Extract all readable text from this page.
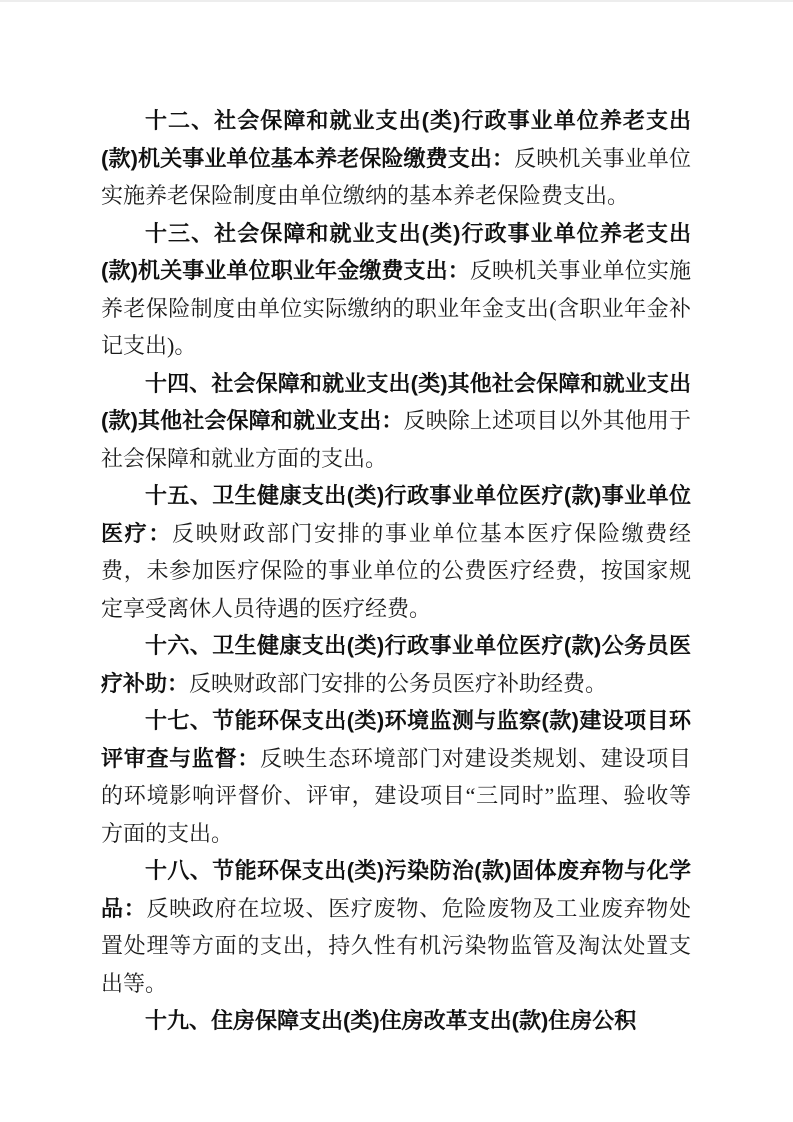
十二、社会保障和就业支出(类)行政事业单位养老支出(款)机关事业单位基本养老保险缴费支出：反映机关事业单位实施养老保险制度由单位缴纳的基本养老保险费支出。

十三、社会保障和就业支出(类)行政事业单位养老支出(款)机关事业单位职业年金缴费支出：反映机关事业单位实施养老保险制度由单位实际缴纳的职业年金支出(含职业年金补记支出)。

十四、社会保障和就业支出(类)其他社会保障和就业支出(款)其他社会保障和就业支出：反映除上述项目以外其他用于社会保障和就业方面的支出。

十五、卫生健康支出(类)行政事业单位医疗(款)事业单位医疗：反映财政部门安排的事业单位基本医疗保险缴费经费，未参加医疗保险的事业单位的公费医疗经费，按国家规定享受离休人员待遇的医疗经费。

十六、卫生健康支出(类)行政事业单位医疗(款)公务员医疗补助：反映财政部门安排的公务员医疗补助经费。

十七、节能环保支出(类)环境监测与监察(款)建设项目环评审查与监督：反映生态环境部门对建设类规划、建设项目的环境影响评督价、评审，建设项目“三同时”监理、验收等方面的支出。

十八、节能环保支出(类)污染防治(款)固体废弃物与化学品：反映政府在垃圾、医疗废物、危险废物及工业废弃物处置处理等方面的支出，持久性有机污染物监管及淘汰处置支出等。

十九、住房保障支出(类)住房改革支出(款)住房公积
